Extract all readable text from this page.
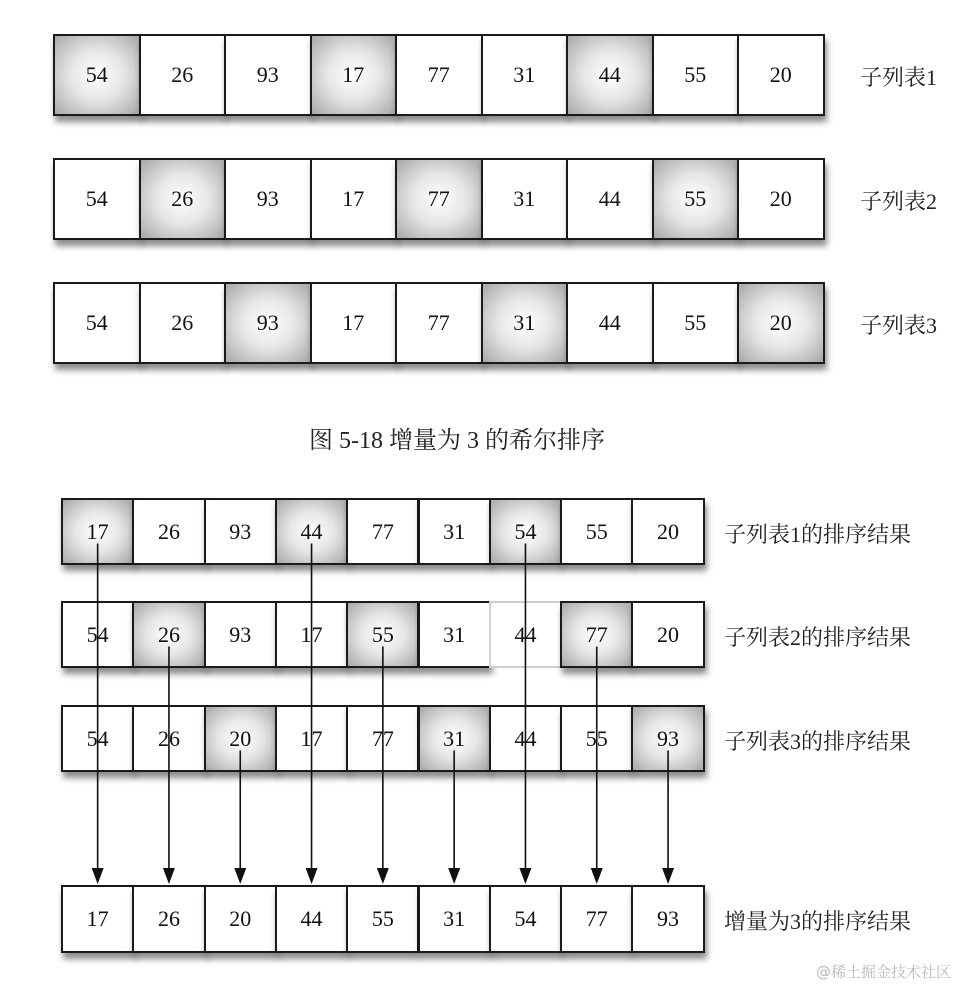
54	26	93	17	77	31	44	55	20	子列表1
54	26	93	17	77	31	44	55	20	子列表2
54	26	93	17	77	31	44	55	20	子列表3
图 5-18 增量为 3 的希尔排序
17	26	93	44	77	31	54	55	20	子列表1的排序结果
54	26	93	17	55	31	44	77	20	子列表2的排序结果
54	26	20	17	77	31	44	55	93	子列表3的排序结果
17	26	20	44	55	31	54	77	93	增量为3的排序结果
@稀土掘金技术社区
